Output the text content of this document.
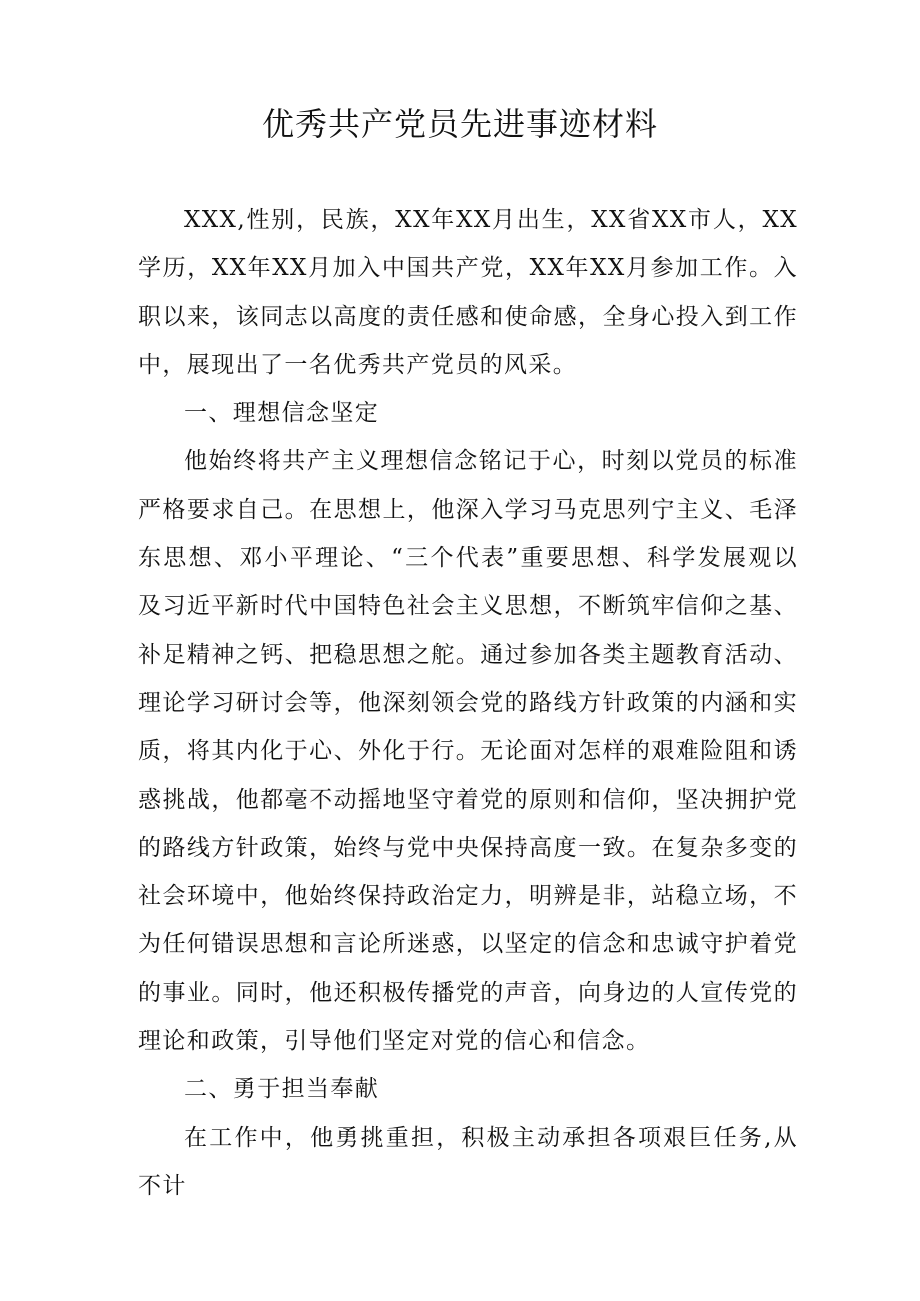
优秀共产党员先进事迹材料

XXX,性别，民族，XX年XX月出生，XX省XX市人，XX学历，XX年XX月加入中国共产党，XX年XX月参加工作。入职以来，该同志以高度的责任感和使命感，全身心投入到工作中，展现出了一名优秀共产党员的风采。

一、理想信念坚定

他始终将共产主义理想信念铭记于心，时刻以党员的标准严格要求自己。在思想上，他深入学习马克思列宁主义、毛泽东思想、邓小平理论、“三个代表”重要思想、科学发展观以及习近平新时代中国特色社会主义思想，不断筑牢信仰之基、补足精神之钙、把稳思想之舵。通过参加各类主题教育活动、理论学习研讨会等，他深刻领会党的路线方针政策的内涵和实质，将其内化于心、外化于行。无论面对怎样的艰难险阻和诱惑挑战，他都毫不动摇地坚守着党的原则和信仰，坚决拥护党的路线方针政策，始终与党中央保持高度一致。在复杂多变的社会环境中，他始终保持政治定力，明辨是非，站稳立场，不为任何错误思想和言论所迷惑，以坚定的信念和忠诚守护着党的事业。同时，他还积极传播党的声音，向身边的人宣传党的理论和政策，引导他们坚定对党的信心和信念。

二、勇于担当奉献

在工作中，他勇挑重担，积极主动承担各项艰巨任务,从不计
